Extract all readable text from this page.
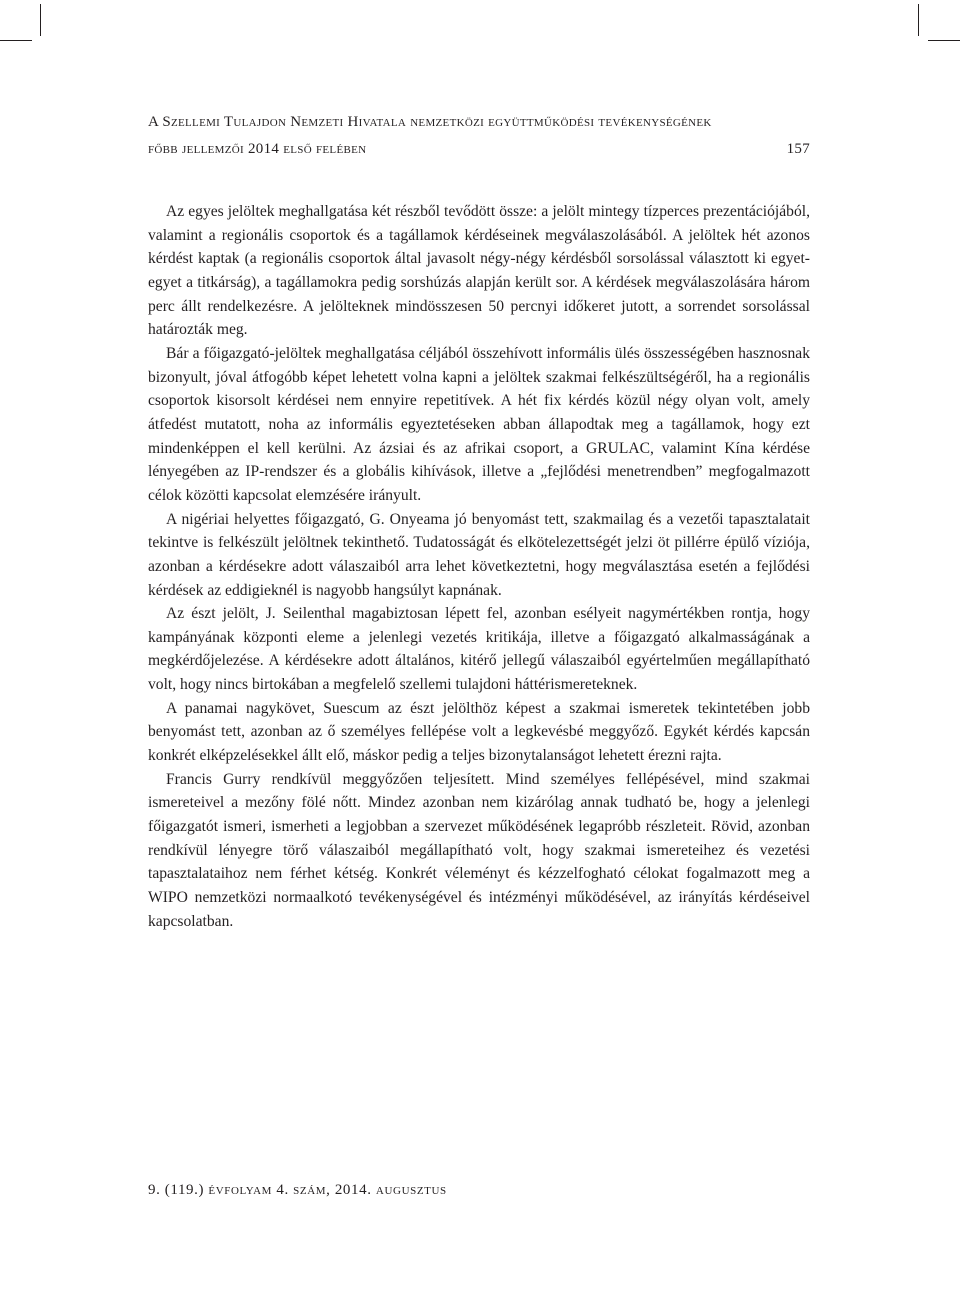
A Szellemi Tulajdon Nemzeti Hivatala nemzetközi együttműködési tevékenységének
főbb jellemzői 2014 első felében	157

Az egyes jelöltek meghallgatása két részből tevődött össze: a jelölt mintegy tízperces prezentációjából, valamint a regionális csoportok és a tagállamok kérdéseinek megválaszolásából. A jelöltek hét azonos kérdést kaptak (a regionális csoportok által javasolt négy-négy kérdésből sorsolással választott ki egyet-egyet a titkárság), a tagállamokra pedig sorshúzás alapján került sor. A kérdések megválaszolására három perc állt rendelkezésre. A jelölteknek mindösszesen 50 percnyi időkeret jutott, a sorrendet sorsolással határozták meg.

Bár a főigazgató-jelöltek meghallgatása céljából összehívott informális ülés összességében hasznosnak bizonyult, jóval átfogóbb képet lehetett volna kapni a jelöltek szakmai felkészültségéről, ha a regionális csoportok kisorsolt kérdései nem ennyire repetitívek. A hét fix kérdés közül négy olyan volt, amely átfedést mutatott, noha az informális egyeztetéseken abban állapodtak meg a tagállamok, hogy ezt mindenképpen el kell kerülni. Az ázsiai és az afrikai csoport, a GRULAC, valamint Kína kérdése lényegében az IP-rendszer és a globális kihívások, illetve a „fejlődési menetrendben” megfogalmazott célok közötti kapcsolat elemzésére irányult.

A nigériai helyettes főigazgató, G. Onyeama jó benyomást tett, szakmailag és a vezetői tapasztalatait tekintve is felkészült jelöltnek tekinthető. Tudatosságát és elkötelezettségét jelzi öt pillérre épülő víziója, azonban a kérdésekre adott válaszaiból arra lehet következtetni, hogy megválasztása esetén a fejlődési kérdések az eddigieknél is nagyobb hangsúlyt kapnának.

Az észt jelölt, J. Seilenthal magabiztosan lépett fel, azonban esélyeit nagymértékben rontja, hogy kampányának központi eleme a jelenlegi vezetés kritikája, illetve a főigazgató alkalmasságának a megkérdőjelezése. A kérdésekre adott általános, kitérő jellegű válaszaiból egyértelműen megállapítható volt, hogy nincs birtokában a megfelelő szellemi tulajdoni háttérismereteknek.

A panamai nagykövet, Suescum az észt jelölthöz képest a szakmai ismeretek tekintetében jobb benyomást tett, azonban az ő személyes fellépése volt a legkevésbé meggyőző. Egykét kérdés kapcsán konkrét elképzelésekkel állt elő, máskor pedig a teljes bizonytalanságot lehetett érezni rajta.

Francis Gurry rendkívül meggyőzően teljesített. Mind személyes fellépésével, mind szakmai ismereteivel a mezőny fölé nőtt. Mindez azonban nem kizárólag annak tudható be, hogy a jelenlegi főigazgatót ismeri, ismerheti a legjobban a szervezet működésének legapróbb részleteit. Rövid, azonban rendkívül lényegre törő válaszaiból megállapítható volt, hogy szakmai ismereteihez és vezetési tapasztalataihoz nem férhet kétség. Konkrét véleményt és kézzelfogható célokat fogalmazott meg a WIPO nemzetközi normaalkotó tevékenységével és intézményi működésével, az irányítás kérdéseivel kapcsolatban.

9. (119.) évfolyam 4. szám, 2014. augusztus
